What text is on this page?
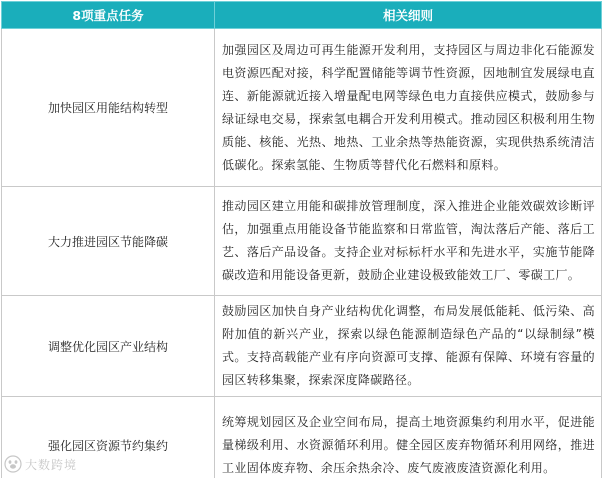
8项重点任务	相关细则
加快园区用能结构转型	加强园区及周边可再生能源开发利用，支持园区与周边非化石能源发电资源匹配对接，科学配置储能等调节性资源，因地制宜发展绿电直连、新能源就近接入增量配电网等绿色电力直接供应模式，鼓励参与绿证绿电交易，探索氢电耦合开发利用模式。推动园区积极利用生物质能、核能、光热、地热、工业余热等热能资源，实现供热系统清洁低碳化。探索氢能、生物质等替代化石燃料和原料。
大力推进园区节能降碳	推动园区建立用能和碳排放管理制度，深入推进企业能效碳效诊断评估，加强重点用能设备节能监察和日常监管，淘汰落后产能、落后工艺、落后产品设备。支持企业对标标杆水平和先进水平，实施节能降碳改造和用能设备更新，鼓励企业建设极致能效工厂、零碳工厂。
调整优化园区产业结构	鼓励园区加快自身产业结构优化调整，布局发展低能耗、低污染、高附加值的新兴产业，探索以绿色能源制造绿色产品的“以绿制绿”模式。支持高载能产业有序向资源可支撑、能源有保障、环境有容量的园区转移集聚，探索深度降碳路径。
强化园区资源节约集约	统筹规划园区及企业空间布局，提高土地资源集约利用水平，促进能量梯级利用、水资源循环利用。健全园区废弃物循环利用网络，推进工业固体废弃物、余压余热余冷、废气废液废渣资源化利用。
大数跨境
